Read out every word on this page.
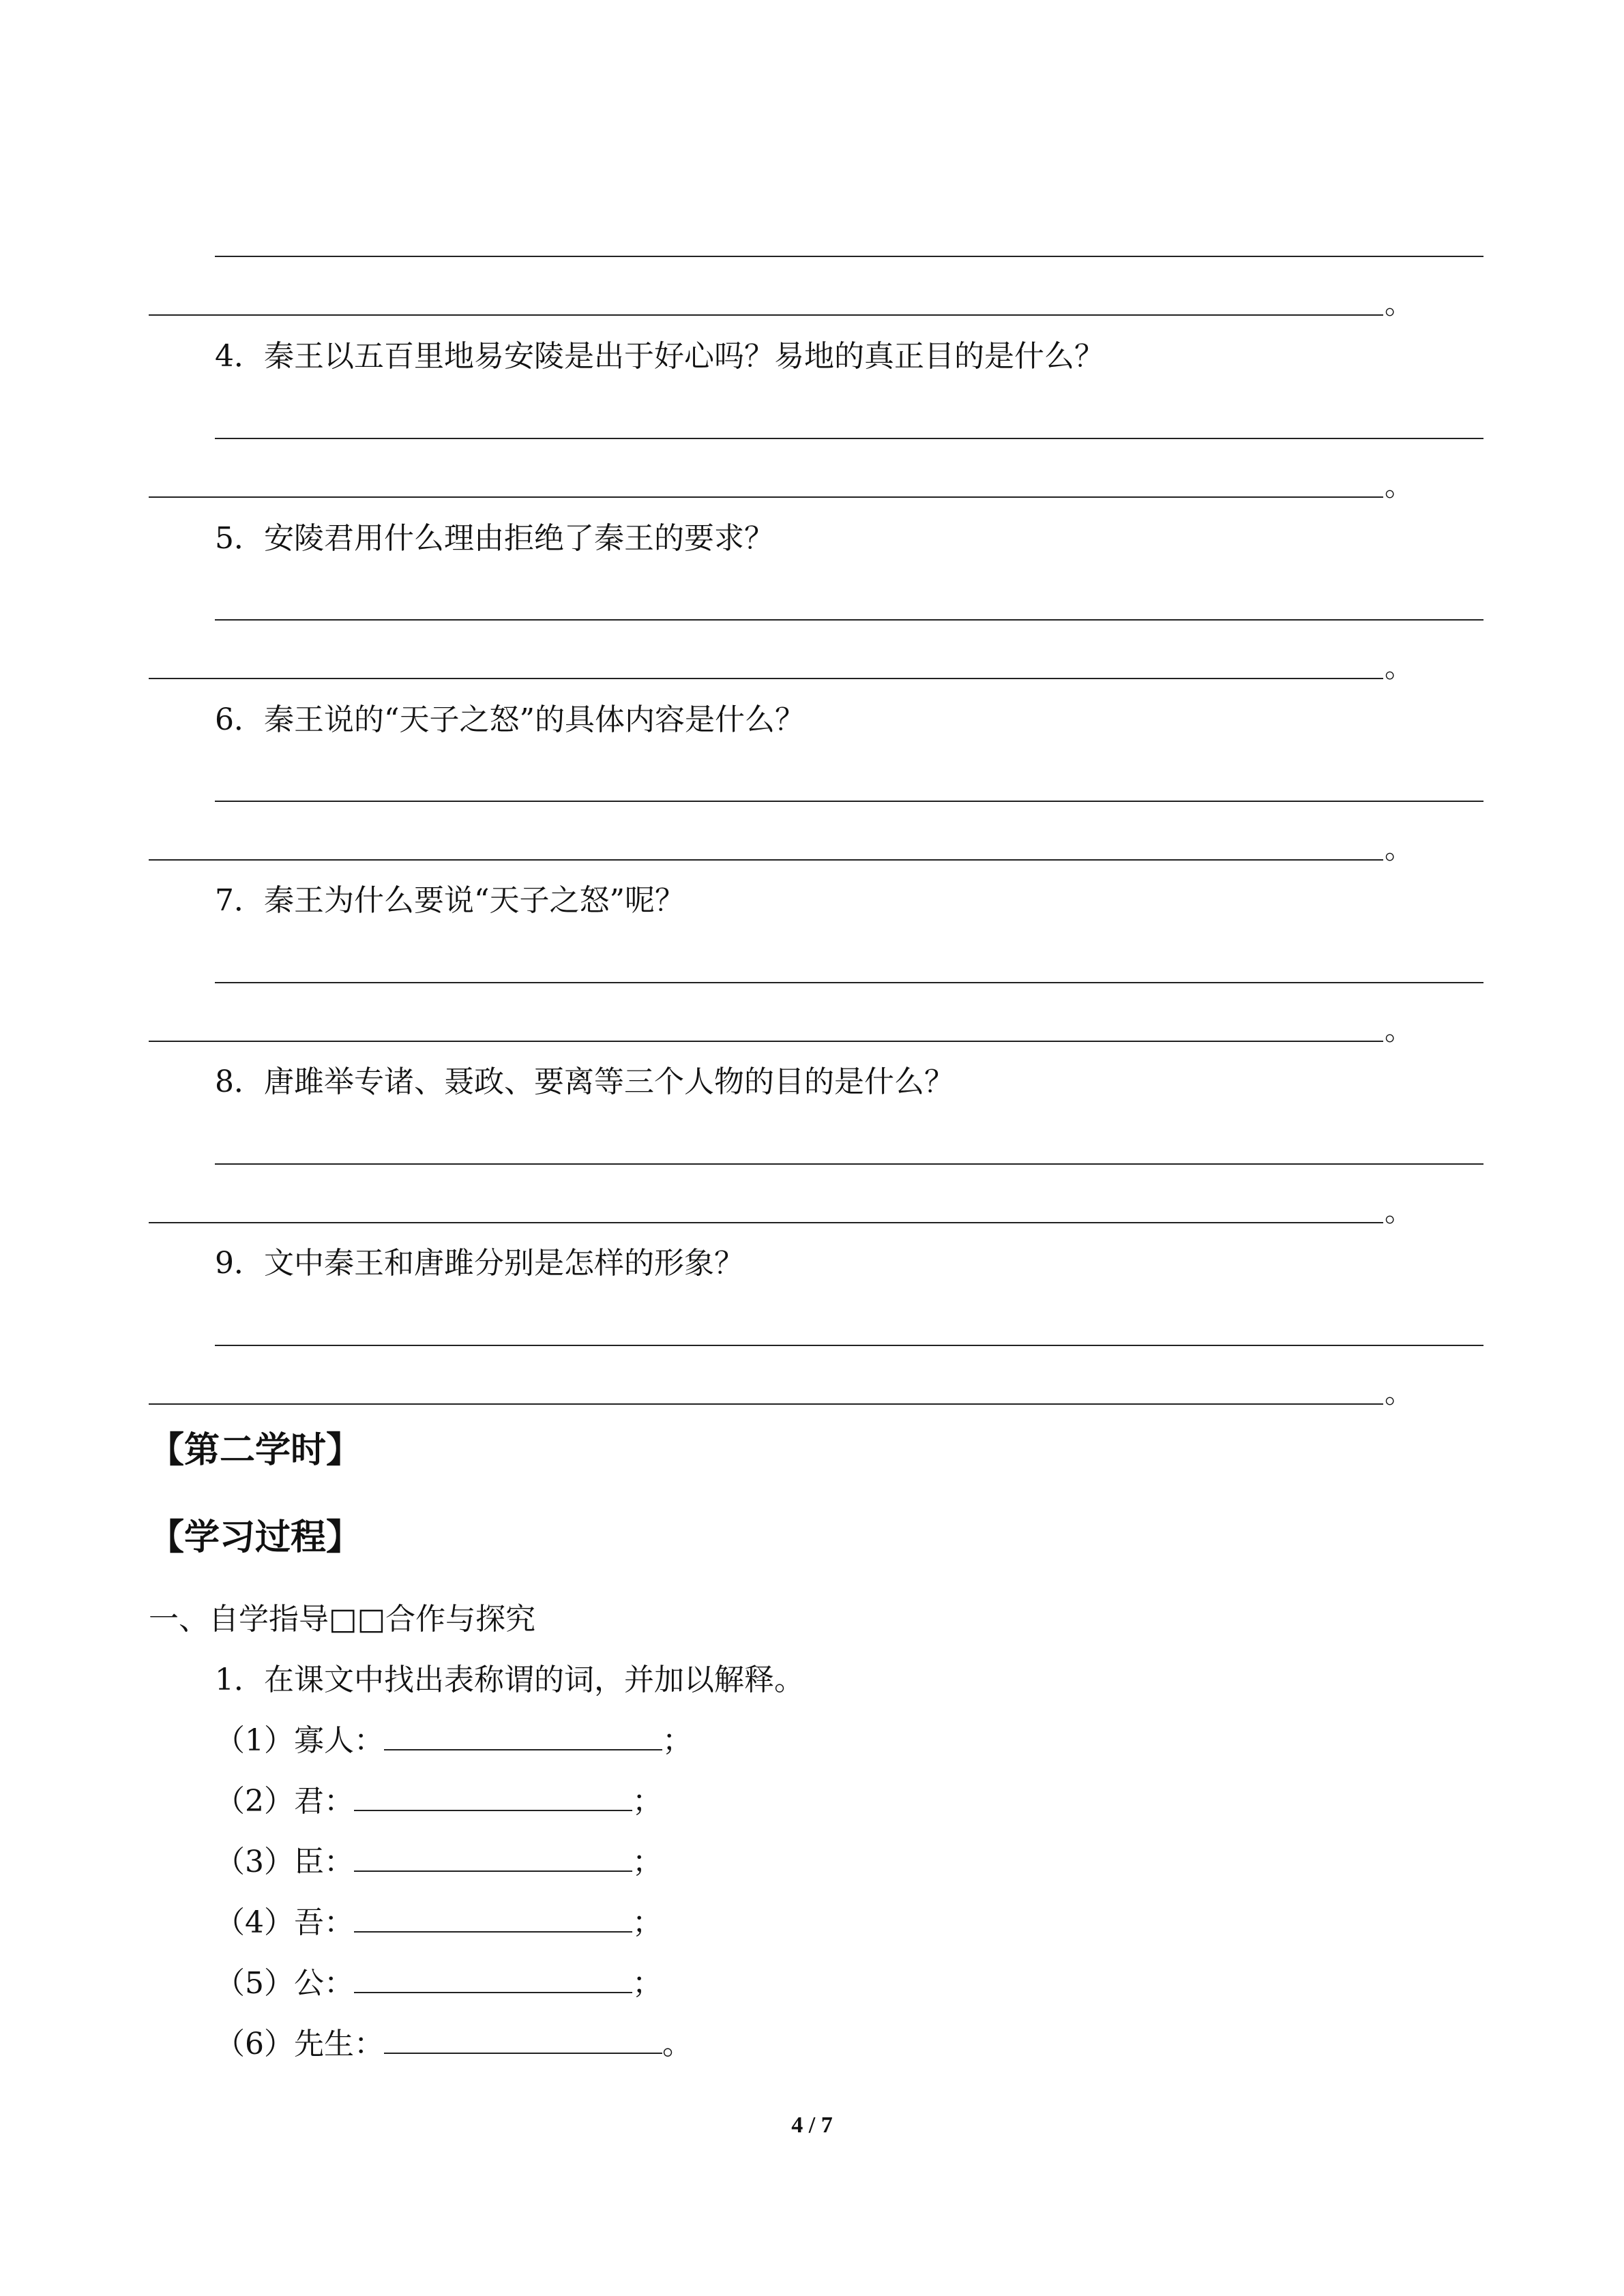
。
4．秦王以五百里地易安陵是出于好心吗？易地的真正目的是什么？
。
5．安陵君用什么理由拒绝了秦王的要求？
。
6．秦王说的“天子之怒”的具体内容是什么？
。
7．秦王为什么要说“天子之怒”呢？
。
8．唐雎举专诸、聂政、要离等三个人物的目的是什么？
。
9．文中秦王和唐雎分别是怎样的形象？
。
【第二学时】
【学习过程】
一、自学指导□□合作与探究
1．在课文中找出表称谓的词，并加以解释。
（1）寡人：	；
（2）君：	；
（3）臣：	；
（4）吾：	；
（5）公：	；
（6）先生：	。
4 / 7
